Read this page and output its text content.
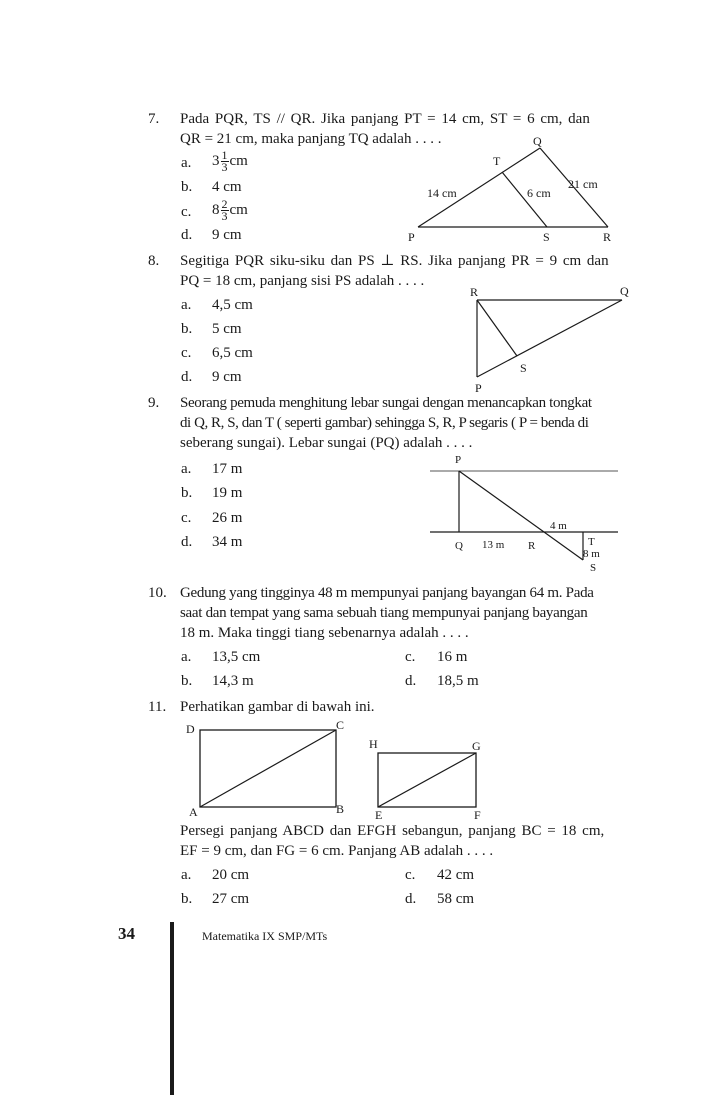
7. Pada PQR, TS // QR. Jika panjang PT = 14 cm, ST = 6 cm, dan
QR = 21 cm, maka panjang TQ adalah . . . .
a. $3 \frac{1}{3}$ cm
b. 4 cm
c. $8 \frac{2}{3}$ cm
d. 9 cm	P
Q
R
S
T
14 cm	6 cm
21 cm
8. Segitiga PQR siku-siku dan PS ⊥ RS. Jika panjang PR = 9 cm dan
PQ = 18 cm, panjang sisi PS adalah . . . .
a. 4,5 cm
b. 5 cm
c. 6,5 cm
d. 9 cm
R	Q
S
P
9. Seorang pemuda menghitung lebar sungai dengan menancapkan tongkat
di Q, R, S, dan T ( seperti gambar) sehingga S, R, P segaris ( P = benda di
seberang sungai). Lebar sungai (PQ) adalah . . . .
a. 17 m
b. 19 m
c. 26 m
d. 34 m
P
Q 13 m R
4 m
T
8 m
S
10. Gedung yang tingginya 48 m mempunyai panjang bayangan 64 m. Pada
saat dan tempat yang sama sebuah tiang mempunyai panjang bayangan
18 m. Maka tinggi tiang sebenarnya adalah . . . .
a. 13,5 cm
b. 14,3 m
c. 16 m
d. 18,5 m
11. Perhatikan gambar di bawah ini.
D	C
A	B
H	G
E	F
Persegi panjang ABCD dan EFGH sebangun, panjang BC = 18 cm,
EF = 9 cm, dan FG = 6 cm. Panjang AB adalah . . . .
a. 20 cm
b. 27 cm
c. 42 cm
d. 58 cm
34	Matematika IX SMP/MTs
